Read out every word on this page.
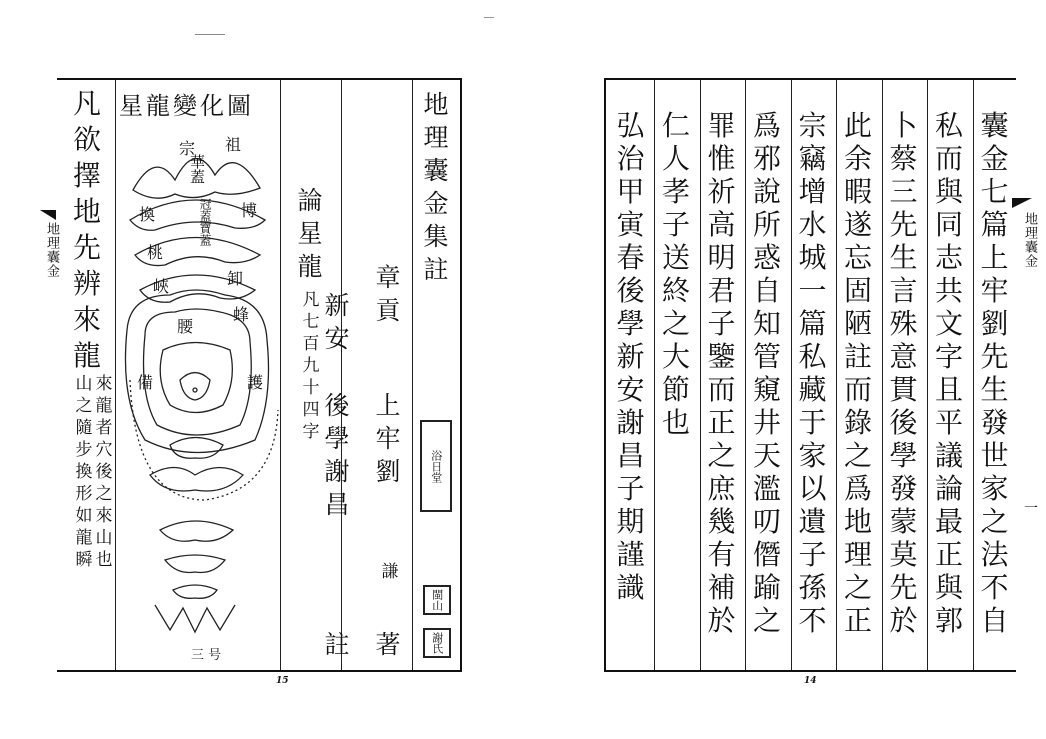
凡
欲
擇
地
先
辨
來
龍
山
之
隨
步
換
形
如
龍
瞬
來
龍
者
穴
後
之
來
山
也
星龍變化圖
祖
宗
華蓋
冠蓋寶蓋
換	博
桃
峽	卸
腰
蜂
備	護
三 号
論
星
龍
凡
七
百
九
十
四
字
新
安
後
學
謝
昌
註
章
貢
上
牢
劉
謙
著
地
理
囊
金
集
註
浴日堂
閩山
謝氏
地理囊金
15
囊
金
七
篇
上
牢
劉
先
生
發
世
家
之
法
不
自
私
而
與
同
志
共
文
字
且
平
議
論
最
正
與
郭
卜
蔡
三
先
生
言
殊
意
貫
後
學
發
蒙
莫
先
於
此
余
暇
遂
忘
固
陋
註
而
錄
之
爲
地
理
之
正
宗
竊
增
水
城
一
篇
私
藏
于
家
以
遺
子
孫
不
爲
邪
說
所
惑
自
知
管
窺
井
天
濫
叨
僭
踰
之
罪
惟
祈
高
明
君
子
鑒
而
正
之
庶
幾
有
補
於
仁
人
孝
子
送
終
之
大
節
也
弘
治
甲
寅
春
後
學
新
安
謝
昌
子
期
謹
識
地理囊金
一
14
